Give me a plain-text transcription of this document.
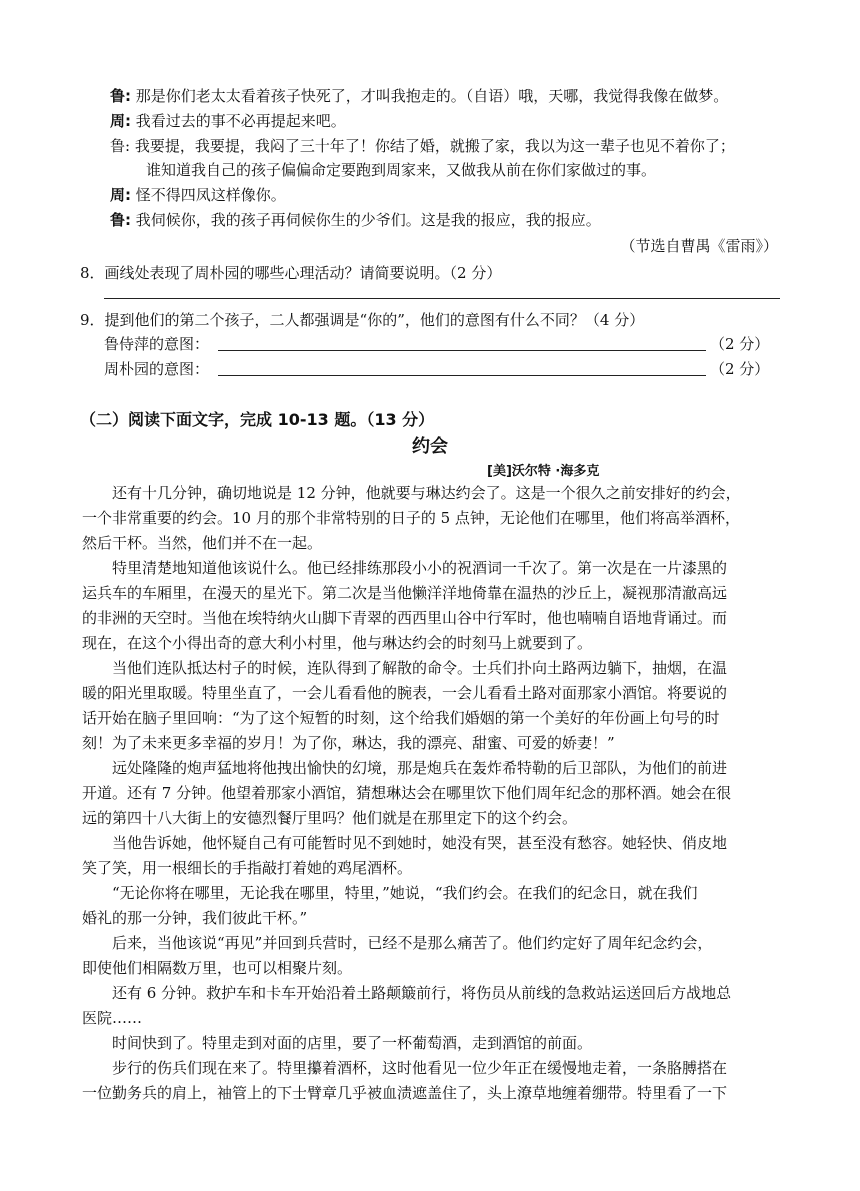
鲁: 那是你们老太太看着孩子快死了，才叫我抱走的。（自语）哦，天哪，我觉得我像在做梦。
周: 我看过去的事不必再提起来吧。
鲁: 我要提，我要提，我闷了三十年了！你结了婚，就搬了家，我以为这一辈子也见不着你了；
谁知道我自己的孩子偏偏命定要跑到周家来，又做我从前在你们家做过的事。
周: 怪不得四凤这样像你。
鲁: 我伺候你，我的孩子再伺候你生的少爷们。这是我的报应，我的报应。
（节选自曹禺《雷雨》）
8．画线处表现了周朴园的哪些心理活动？请简要说明。（2 分）
9．提到他们的第二个孩子，二人都强调是“你的”，他们的意图有什么不同？（4 分）
鲁侍萍的意图：	（2 分）
周朴园的意图：	（2 分）
（二）阅读下面文字，完成 10-13 题。（13 分）
约会
[美]沃尔特 ·海多克
还有十几分钟，确切地说是 12 分钟，他就要与琳达约会了。这是一个很久之前安排好的约会，
一个非常重要的约会。10 月的那个非常特别的日子的 5 点钟，无论他们在哪里，他们将高举酒杯，
然后干杯。当然，他们并不在一起。
特里清楚地知道他该说什么。他已经排练那段小小的祝酒词一千次了。第一次是在一片漆黑的
运兵车的车厢里，在漫天的星光下。第二次是当他懒洋洋地倚靠在温热的沙丘上，凝视那清澈高远
的非洲的天空时。当他在埃特纳火山脚下青翠的西西里山谷中行军时，他也喃喃自语地背诵过。而
现在，在这个小得出奇的意大利小村里，他与琳达约会的时刻马上就要到了。
当他们连队抵达村子的时候，连队得到了解散的命令。士兵们扑向土路两边躺下，抽烟，在温
暖的阳光里取暖。特里坐直了，一会儿看看他的腕表，一会儿看看土路对面那家小酒馆。将要说的
话开始在脑子里回响：“为了这个短暂的时刻，这个给我们婚姻的第一个美好的年份画上句号的时
刻！为了未来更多幸福的岁月！为了你，琳达，我的漂亮、甜蜜、可爱的娇妻！”
远处隆隆的炮声猛地将他拽出愉快的幻境，那是炮兵在轰炸希特勒的后卫部队，为他们的前进
开道。还有 7 分钟。他望着那家小酒馆，猜想琳达会在哪里饮下他们周年纪念的那杯酒。她会在很
远的第四十八大街上的安德烈餐厅里吗？他们就是在那里定下的这个约会。
当他告诉她，他怀疑自己有可能暂时见不到她时，她没有哭，甚至没有愁容。她轻快、俏皮地
笑了笑，用一根细长的手指敲打着她的鸡尾酒杯。
“无论你将在哪里，无论我在哪里，特里，”她说，“我们约会。在我们的纪念日，就在我们
婚礼的那一分钟，我们彼此干杯。”
后来，当他该说“再见”并回到兵营时，已经不是那么痛苦了。他们约定好了周年纪念约会，
即使他们相隔数万里，也可以相聚片刻。
还有 6 分钟。救护车和卡车开始沿着土路颠簸前行，将伤员从前线的急救站运送回后方战地总
医院……
时间快到了。特里走到对面的店里，要了一杯葡萄酒，走到酒馆的前面。
步行的伤兵们现在来了。特里攥着酒杯，这时他看见一位少年正在缓慢地走着，一条胳膊搭在
一位勤务兵的肩上，袖管上的下士臂章几乎被血渍遮盖住了，头上潦草地缠着绷带。特里看了一下
